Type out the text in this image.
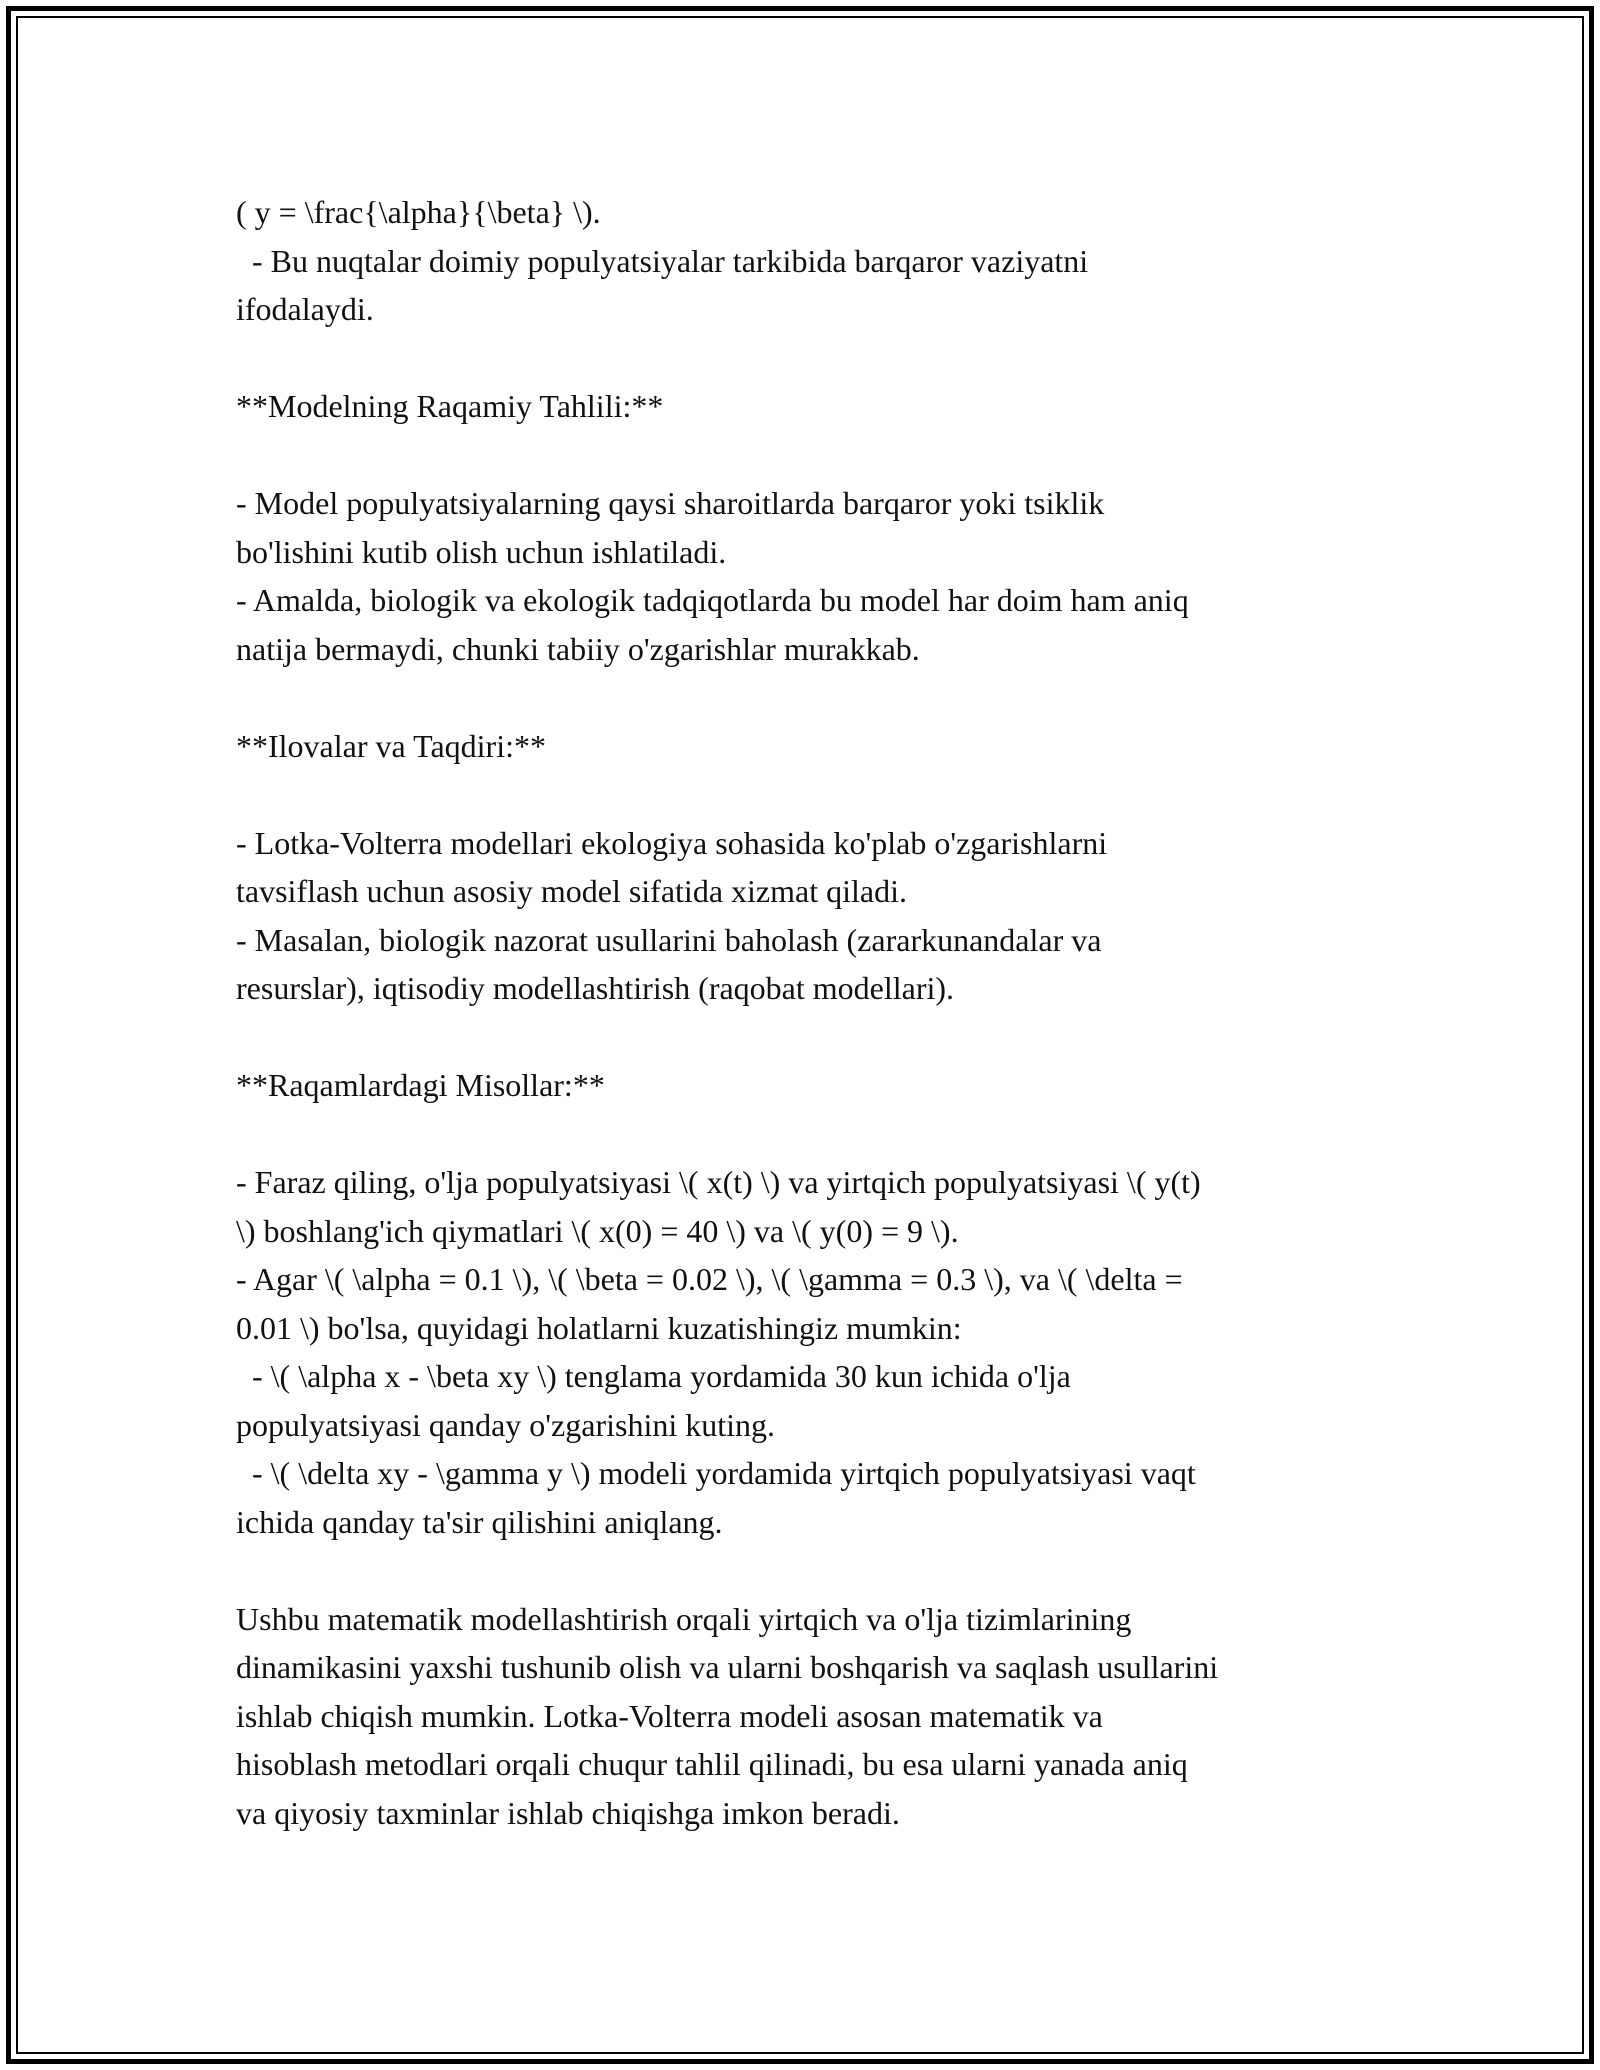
( y = \frac{\alpha}{\beta} \).

- Bu nuqtalar doimiy populyatsiyalar tarkibida barqaror vaziyatni

ifodalaydi.

**Modelning Raqamiy Tahlili:**

- Model populyatsiyalarning qaysi sharoitlarda barqaror yoki tsiklik

bo'lishini kutib olish uchun ishlatiladi.

- Amalda, biologik va ekologik tadqiqotlarda bu model har doim ham aniq

natija bermaydi, chunki tabiiy o'zgarishlar murakkab.

**Ilovalar va Taqdiri:**

- Lotka-Volterra modellari ekologiya sohasida ko'plab o'zgarishlarni

tavsiflash uchun asosiy model sifatida xizmat qiladi.

- Masalan, biologik nazorat usullarini baholash (zararkunandalar va

resurslar), iqtisodiy modellashtirish (raqobat modellari).

**Raqamlardagi Misollar:**

- Faraz qiling, o'lja populyatsiyasi \( x(t) \) va yirtqich populyatsiyasi \( y(t)

\) boshlang'ich qiymatlari \( x(0) = 40 \) va \( y(0) = 9 \).

- Agar \( \alpha = 0.1 \), \( \beta = 0.02 \), \( \gamma = 0.3 \), va \( \delta =

0.01 \) bo'lsa, quyidagi holatlarni kuzatishingiz mumkin:

- \( \alpha x - \beta xy \) tenglama yordamida 30 kun ichida o'lja

populyatsiyasi qanday o'zgarishini kuting.

- \( \delta xy - \gamma y \) modeli yordamida yirtqich populyatsiyasi vaqt

ichida qanday ta'sir qilishini aniqlang.

Ushbu matematik modellashtirish orqali yirtqich va o'lja tizimlarining

dinamikasini yaxshi tushunib olish va ularni boshqarish va saqlash usullarini

ishlab chiqish mumkin. Lotka-Volterra modeli asosan matematik va

hisoblash metodlari orqali chuqur tahlil qilinadi, bu esa ularni yanada aniq

va qiyosiy taxminlar ishlab chiqishga imkon beradi.
